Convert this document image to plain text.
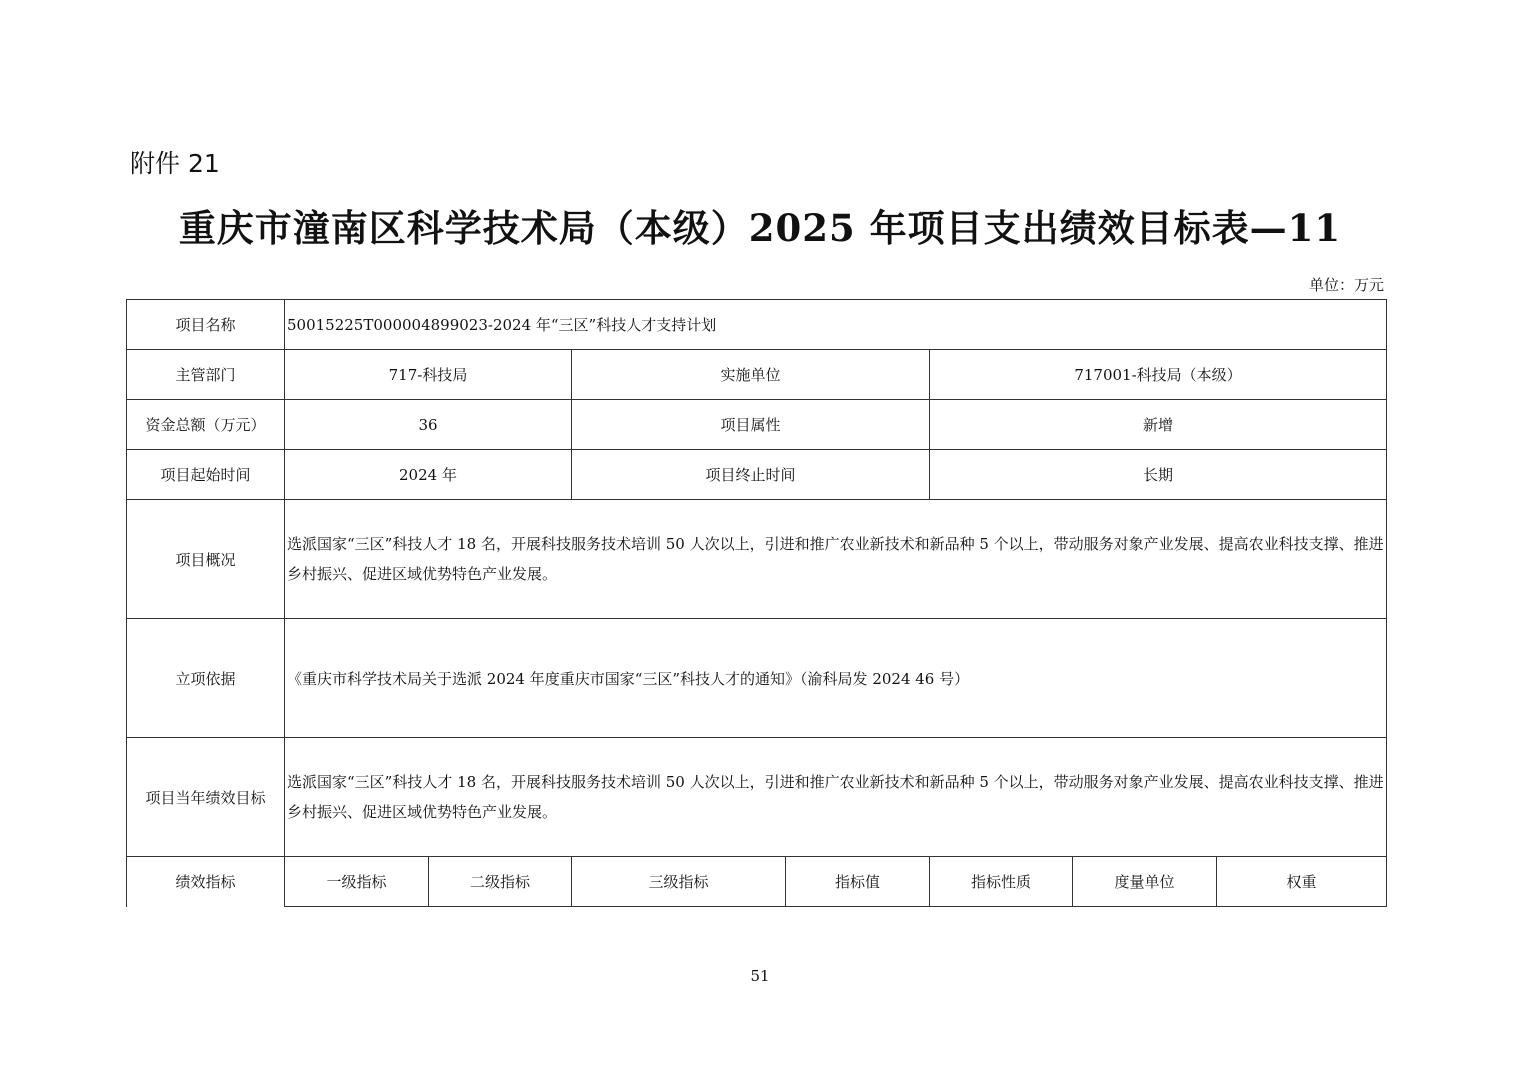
附件 21
重庆市潼南区科学技术局（本级）2025 年项目支出绩效目标表—11
单位：万元
项目名称	50015225T000004899023-2024 年“三区”科技人才支持计划						
主管部门	717-科技局		实施单位		717001-科技局（本级）		
资金总额（万元）	36		项目属性		新增		
项目起始时间	2024 年		项目终止时间		长期		
项目概况	选派国家“三区”科技人才 18 名，开展科技服务技术培训 50 人次以上，引进和推广农业新技术和新品种 5 个以上，带动服务对象产业发展、提高农业科技支撑、推进乡村振兴、促进区域优势特色产业发展。						
立项依据	《重庆市科学技术局关于选派 2024 年度重庆市国家“三区”科技人才的通知》（渝科局发 2024 46 号）						
项目当年绩效目标	选派国家“三区”科技人才 18 名，开展科技服务技术培训 50 人次以上，引进和推广农业新技术和新品种 5 个以上，带动服务对象产业发展、提高农业科技支撑、推进乡村振兴、促进区域优势特色产业发展。						
绩效指标	一级指标	二级指标	三级指标	指标值	指标性质	度量单位	权重
51
